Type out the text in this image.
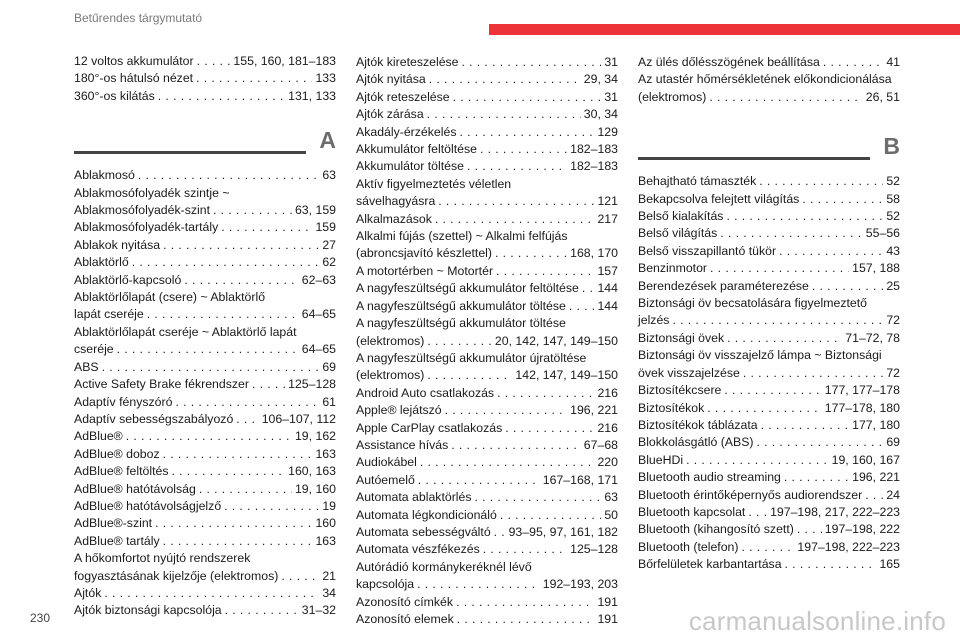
Betűrendes tárgymutató
12 voltos akkumulátor . . .	155, 160, 181–183
180°-os hátulsó nézet . . .	133
360°-os kilátás . . .	131, 133
A
Ablakmosó . . .	63
Ablakmosófolyadék szintje ~
Ablakmosófolyadék-szint . . .	63, 159
Ablakmosófolyadék-tartály . . .	159
Ablakok nyitása . . .	27
Ablaktörlő . . .	62
Ablaktörlő-kapcsoló . . .	62–63
Ablaktörlőlapát (csere) ~ Ablaktörlő
lapát cseréje . . .	64–65
Ablaktörlőlapát cseréje ~ Ablaktörlő lapát
cseréje . . .	64–65
ABS . . .	69
Active Safety Brake fékrendszer . . .	125–128
Adaptív fényszóró . . .	61
Adaptív sebességszabályozó . . . 106–107, 112
AdBlue® . . .	19, 162
AdBlue® doboz . . .	163
AdBlue® feltöltés . . .	160, 163
AdBlue® hatótávolság . . .	19, 160
AdBlue® hatótávolságjelző . . .	19
AdBlue®-szint . . .	160
AdBlue® tartály . . .	163
A hőkomfortot nyújtó rendszerek
fogyasztásának kijelzője (elektromos) . . .	21
Ajtók . . .	34
Ajtók biztonsági kapcsolója . . .	31–32
Ajtók kireteszelése . . .	31
Ajtók nyitása . . .	29, 34
Ajtók reteszelése . . .	31
Ajtók zárása . . .	30, 34
Akadály-érzékelés . . .	129
Akkumulátor feltöltése . . .	182–183
Akkumulátor töltése . . .	182–183
Aktív figyelmeztetés véletlen
sávelhagyásra . . .	121
Alkalmazások . . .	217
Alkalmi fújás (szettel) ~ Alkalmi felfújás
(abroncsjavító készlettel) . . .	168, 170
A motortérben ~ Motortér . . .	157
A nagyfeszültségű akkumulátor feltöltése . . . 144
A nagyfeszültségű akkumulátor töltése . . .	144
A nagyfeszültségű akkumulátor töltése
(elektromos) . . .	20, 142, 147, 149–150
A nagyfeszültségű akkumulátor újratöltése
(elektromos) . . .	142, 147, 149–150
Android Auto csatlakozás . . .	216
Apple® lejátszó . . .	196, 221
Apple CarPlay csatlakozás . . .	216
Assistance hívás . . .	67–68
Audiokábel . . .	220
Autóemelő . . .	167–168, 171
Automata ablaktörlés . . .	63
Automata légkondicionáló . . .	50
Automata sebességváltó . . . 93–95, 97, 161, 182
Automata vészfékezés . . .	125–128
Autórádió kormánykeréknél lévő
kapcsolója . . .	192–193, 203
Azonosító címkék . . .	191
Azonosító elemek . . .	191
Az ülés dőlésszögének beállítása . . .	41
Az utastér hőmérsékletének előkondicionálása
(elektromos) . . .	26, 51
B
Behajtható támaszték . . .	52
Bekapcsolva felejtett világítás . . .	58
Belső kialakítás . . .	52
Belső világítás . . .	55–56
Belső visszapillantó tükör . . .	43
Benzinmotor . . .	157, 188
Berendezések paraméterezése . . .	25
Biztonsági öv becsatolására figyelmeztető
jelzés . . .	72
Biztonsági övek . . .	71–72, 78
Biztonsági öv visszajelző lámpa ~ Biztonsági
övek visszajelzése . . .	72
Biztosítékcsere . . .	177, 177–178
Biztosítékok . . .	177–178, 180
Biztosítékok táblázata . . .	177, 180
Blokkolásgátló (ABS) . . .	69
BlueHDi . . .	19, 160, 167
Bluetooth audio streaming . . .	196, 221
Bluetooth érintőképernyős audiorendszer . . . 24
Bluetooth kapcsolat . . . 197–198, 217, 222–223
Bluetooth (kihangosító szett) . . .	197–198, 222
Bluetooth (telefon) . . .	197–198, 222–223
Bőrfelületek karbantartása . . .	165
230	carmanualsonline.info
